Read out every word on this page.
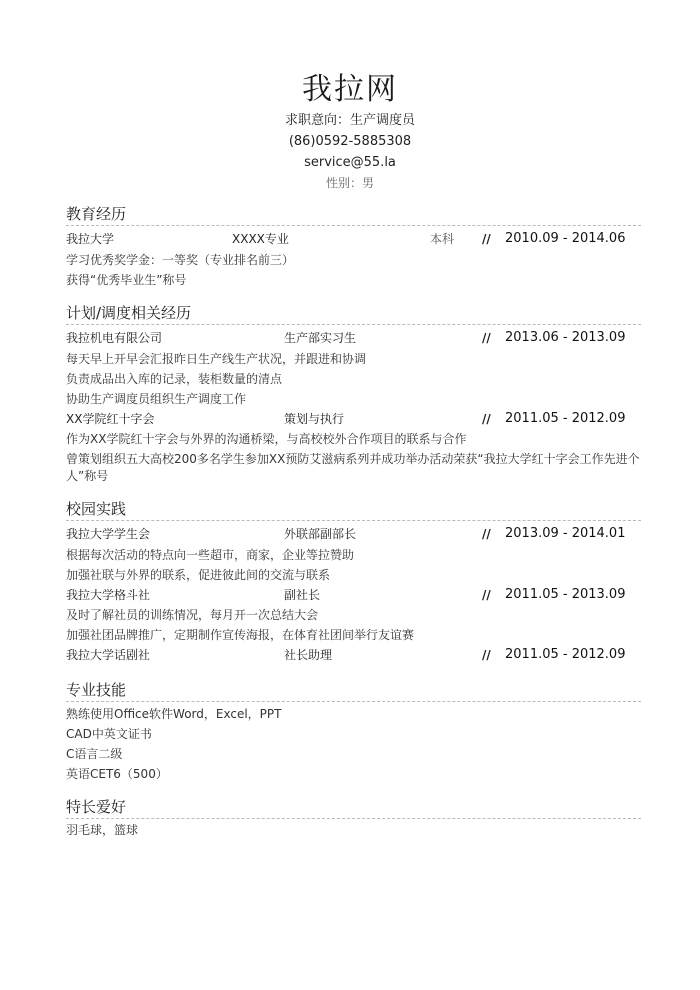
我拉网
求职意向：生产调度员
(86)0592-5885308
service@55.la
性别：男
教育经历
我拉大学	XXXX专业	本科 // 2010.09 - 2014.06
学习优秀奖学金：一等奖（专业排名前三）
获得“优秀毕业生”称号
计划/调度相关经历
我拉机电有限公司	生产部实习生	// 2013.06 - 2013.09
每天早上开早会汇报昨日生产线生产状况，并跟进和协调
负责成品出入库的记录，装柜数量的清点
协助生产调度员组织生产调度工作
XX学院红十字会	策划与执行	// 2011.05 - 2012.09
作为XX学院红十字会与外界的沟通桥梁，与高校校外合作项目的联系与合作
曾策划组织五大高校200多名学生参加XX预防艾滋病系列并成功举办活动荣获“我拉大学红十字会工作先进个人”称号
校园实践
我拉大学学生会	外联部副部长	// 2013.09 - 2014.01
根据每次活动的特点向一些超市，商家，企业等拉赞助
加强社联与外界的联系，促进彼此间的交流与联系
我拉大学格斗社	副社长	// 2011.05 - 2013.09
及时了解社员的训练情况，每月开一次总结大会
加强社团品牌推广，定期制作宣传海报，在体育社团间举行友谊赛
我拉大学话剧社	社长助理	// 2011.05 - 2012.09
专业技能
熟练使用Office软件Word，Excel，PPT
CAD中英文证书
C语言二级
英语CET6（500）
特长爱好
羽毛球，篮球
